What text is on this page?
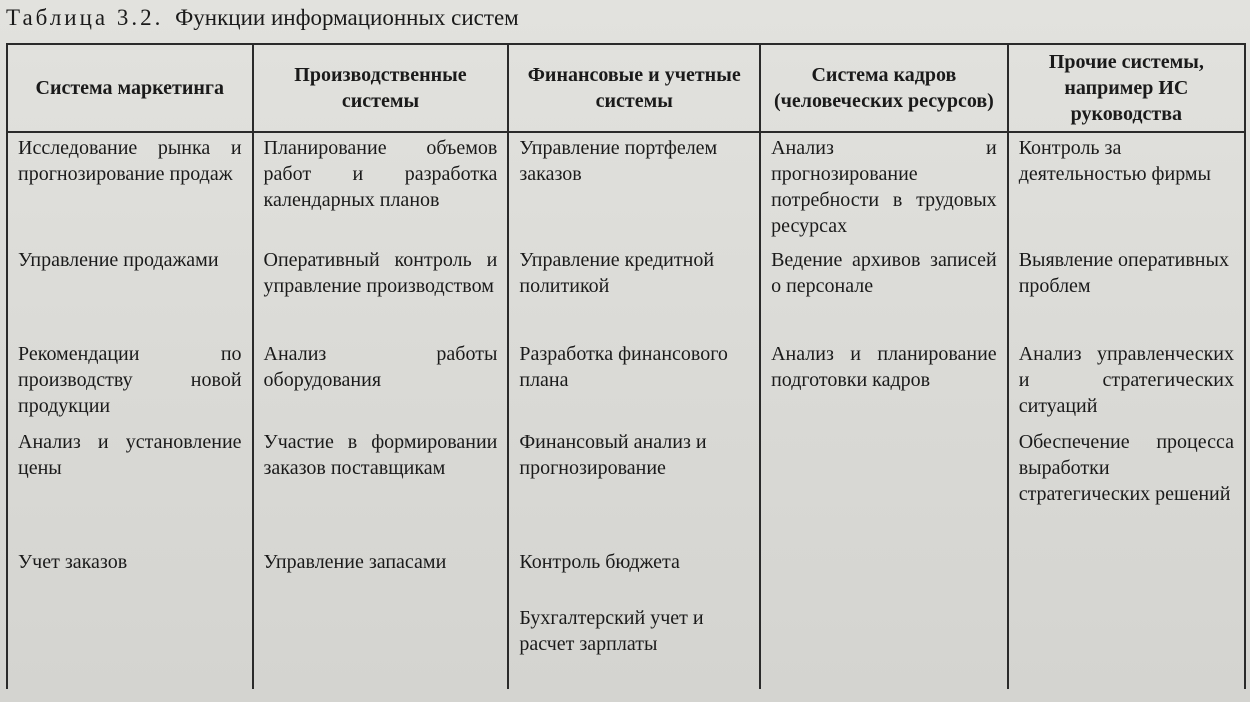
Таблица 3.2. Функции информационных систем
Система маркетинга	Производственные системы	Финансовые и учетные системы	Система кадров (человеческих ресурсов)	Прочие системы, например ИС руководства
Исследование рынка и прогнозирование продаж	Планирование объемов работ и разработка календарных планов	Управление портфелем заказов	Анализ и прогнозирование потребности в трудовых ресурсах	Контроль за деятельностью фирмы
Управление продажами	Оперативный контроль и управление производством	Управление кредитной политикой	Ведение архивов записей о персонале	Выявление оперативных проблем
Рекомендации по производству новой продукции	Анализ работы оборудования	Разработка финансового плана	Анализ и планирование подготовки кадров	Анализ управленческих и стратегических ситуаций
Анализ и установление цены	Участие в формировании заказов поставщикам	Финансовый анализ и прогнозирование		Обеспечение процесса выработки стратегических решений
Учет заказов	Управление запасами	Контроль бюджета		
		Бухгалтерский учет и расчет зарплаты		
